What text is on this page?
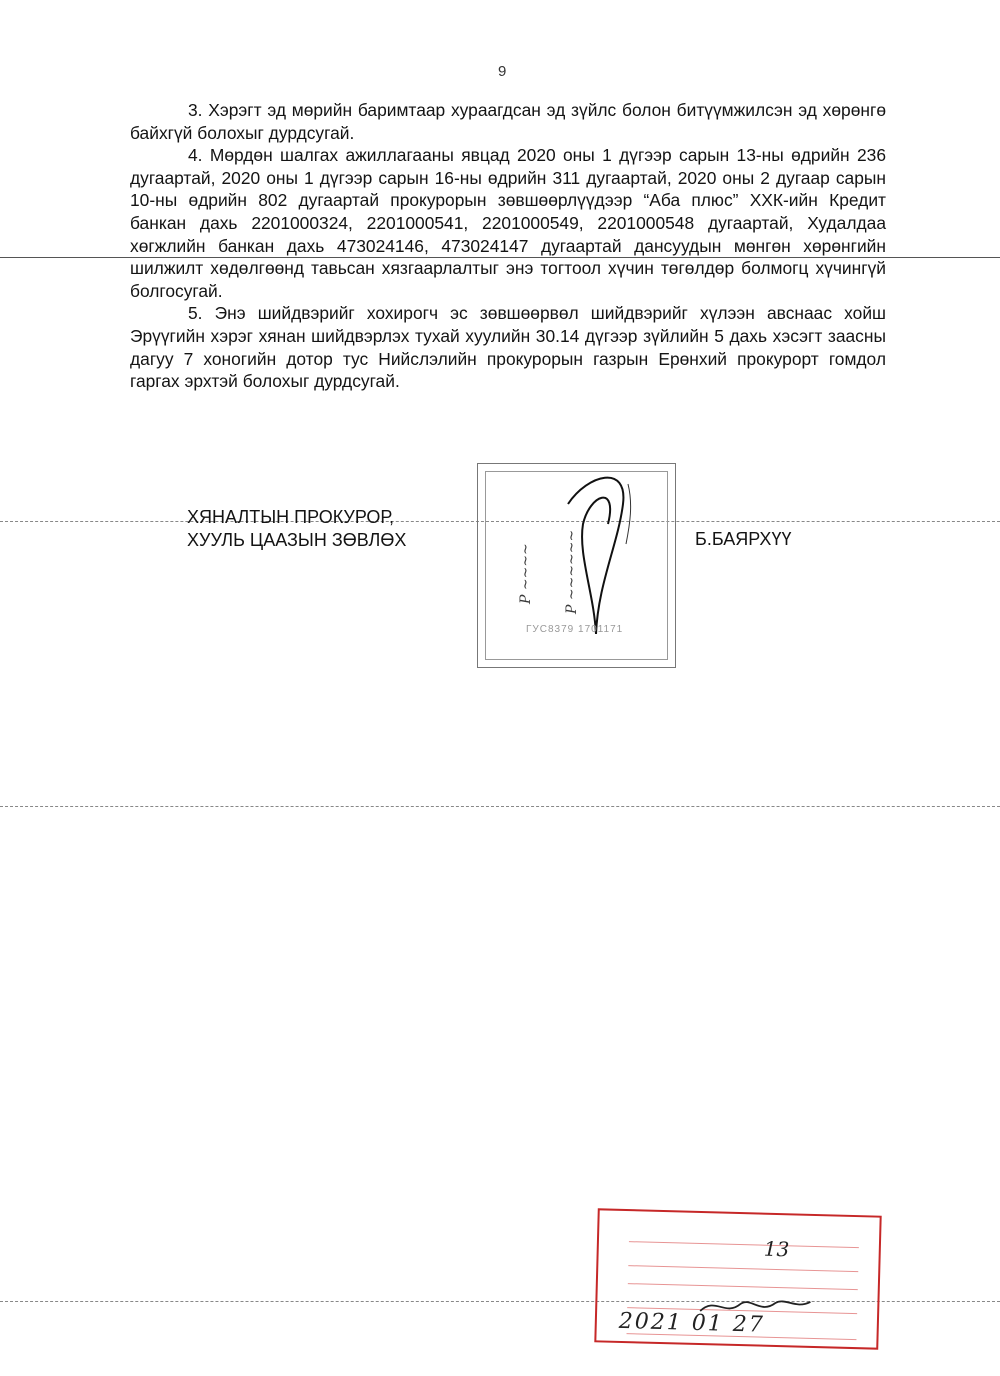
9

3. Хэрэгт эд мөрийн баримтаар хураагдсан эд зүйлс болон битүүмжилсэн эд хөрөнгө байхгүй болохыг дурдсугай.

4. Мөрдөн шалгах ажиллагааны явцад 2020 оны 1 дүгээр сарын 13-ны өдрийн 236 дугаартай, 2020 оны 1 дүгээр сарын 16-ны өдрийн 311 дугаартай, 2020 оны 2 дугаар сарын 10-ны өдрийн 802 дугаартай прокурорын зөвшөөрлүүдээр “Аба плюс” ХХК-ийн Кредит банкан дахь 2201000324, 2201000541, 2201000549, 2201000548 дугаартай, Худалдаа хөгжлийн банкан дахь 473024146, 473024147 дугаартай дансуудын мөнгөн хөрөнгийн шилжилт хөдөлгөөнд тавьсан хязгаарлалтыг энэ тогтоол хүчин төгөлдөр болмогц хүчингүй болгосугай.

5. Энэ шийдвэрийг хохирогч эс зөвшөөрвөл шийдвэрийг хүлээн авснаас хойш Эрүүгийн хэрэг хянан шийдвэрлэх тухай хуулийн 30.14 дүгээр зүйлийн 5 дахь хэсэгт заасны дагуу 7 хоногийн дотор тус Нийслэлийн прокурорын газрын Ерөнхий прокурорт гомдол гаргах эрхтэй болохыг дурдсугай.

ХЯНАЛТЫН ПРОКУРОР,
ХУУЛЬ ЦААЗЫН ЗӨВЛӨХ
Р ~~~~ Р ~~~~~~
ГУС8379 1701171
Б.БАЯРХҮҮ
13
2021 01 27
